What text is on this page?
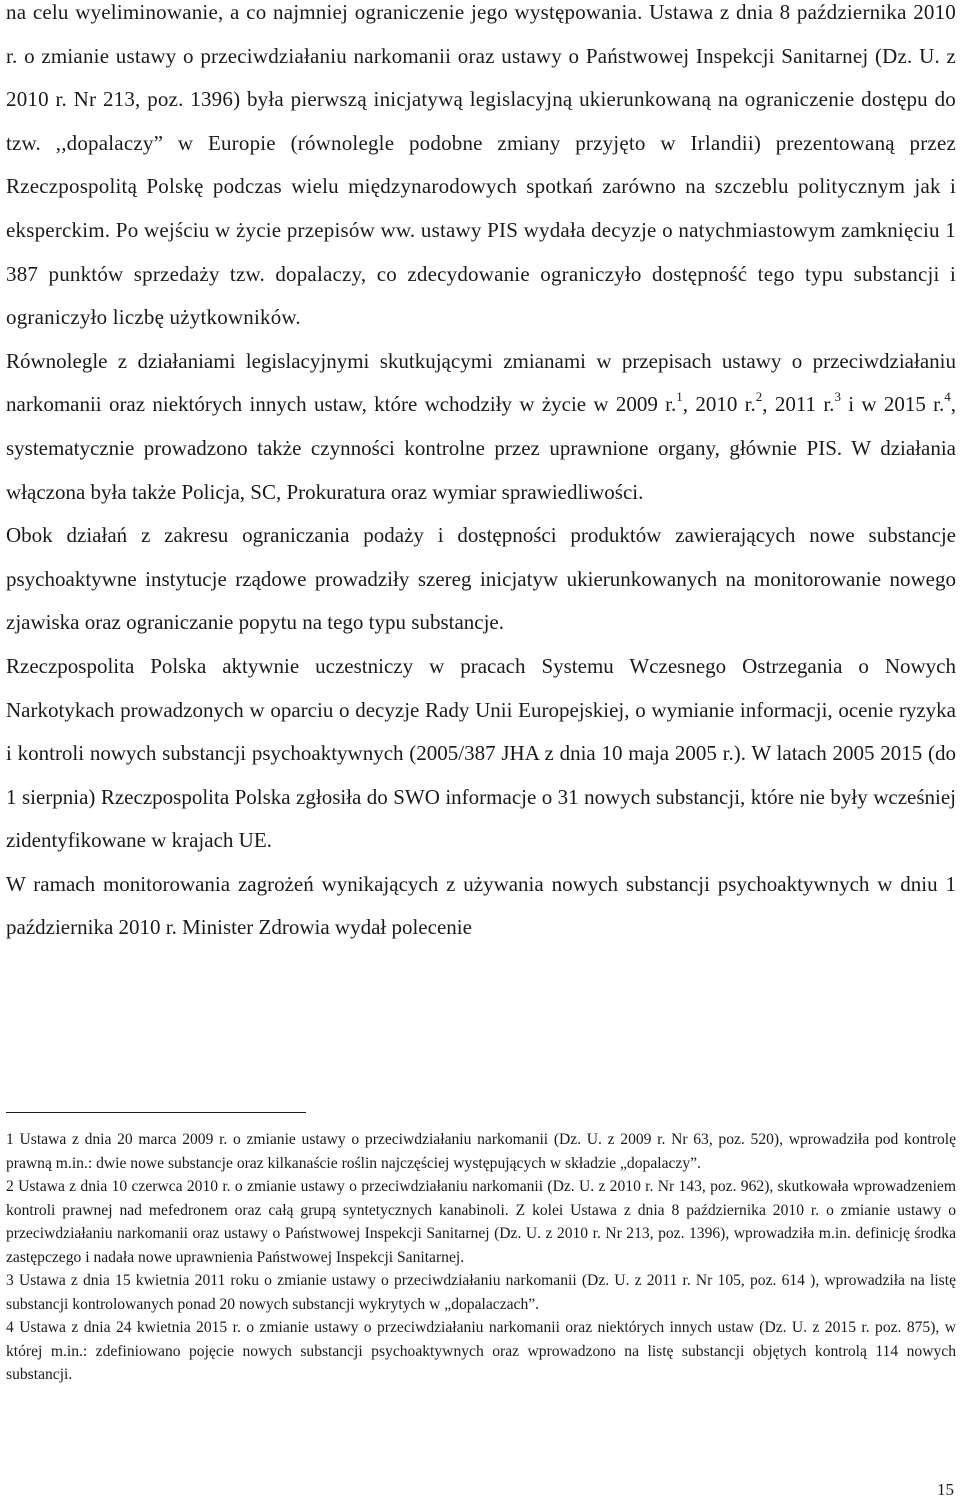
na celu wyeliminowanie, a co najmniej ograniczenie jego występowania. Ustawa z dnia 8 października 2010 r. o zmianie ustawy o przeciwdziałaniu narkomanii oraz ustawy o Państwowej Inspekcji Sanitarnej (Dz. U. z 2010 r. Nr 213, poz. 1396) była pierwszą inicjatywą legislacyjną ukierunkowaną na ograniczenie dostępu do tzw. ,,dopalaczy” w Europie (równolegle podobne zmiany przyjęto w Irlandii) prezentowaną przez Rzeczpospolitą Polskę podczas wielu międzynarodowych spotkań zarówno na szczeblu politycznym jak i eksperckim. Po wejściu w życie przepisów ww. ustawy PIS wydała decyzje o natychmiastowym zamknięciu 1 387 punktów sprzedaży tzw. dopalaczy, co zdecydowanie ograniczyło dostępność tego typu substancji i ograniczyło liczbę użytkowników.

Równolegle z działaniami legislacyjnymi skutkującymi zmianami w przepisach ustawy o przeciwdziałaniu narkomanii oraz niektórych innych ustaw, które wchodziły w życie w 2009 r.$^1$, 2010 r.$^2$, 2011 r.$^3$ i w 2015 r.$^4$, systematycznie prowadzono także czynności kontrolne przez uprawnione organy, głównie PIS. W działania włączona była także Policja, SC, Prokuratura oraz wymiar sprawiedliwości.

Obok działań z zakresu ograniczania podaży i dostępności produktów zawierających nowe substancje psychoaktywne instytucje rządowe prowadziły szereg inicjatyw ukierunkowanych na monitorowanie nowego zjawiska oraz ograniczanie popytu na tego typu substancje.

Rzeczpospolita Polska aktywnie uczestniczy w pracach Systemu Wczesnego Ostrzegania o Nowych Narkotykach prowadzonych w oparciu o decyzje Rady Unii Europejskiej, o wymianie informacji, ocenie ryzyka i kontroli nowych substancji psychoaktywnych (2005/387 JHA z dnia 10 maja 2005 r.). W latach 2005 2015 (do 1 sierpnia) Rzeczpospolita Polska zgłosiła do SWO informacje o 31 nowych substancji, które nie były wcześniej zidentyfikowane w krajach UE.

W ramach monitorowania zagrożeń wynikających z używania nowych substancji psychoaktywnych w dniu 1 października 2010 r. Minister Zdrowia wydał polecenie

1 Ustawa z dnia 20 marca 2009 r. o zmianie ustawy o przeciwdziałaniu narkomanii (Dz. U. z 2009 r. Nr 63, poz. 520), wprowadziła pod kontrolę prawną m.in.: dwie nowe substancje oraz kilkanaście roślin najczęściej występujących w składzie „dopalaczy”.

2 Ustawa z dnia 10 czerwca 2010 r. o zmianie ustawy o przeciwdziałaniu narkomanii (Dz. U. z 2010 r. Nr 143, poz. 962), skutkowała wprowadzeniem kontroli prawnej nad mefedronem oraz całą grupą syntetycznych kanabinoli. Z kolei Ustawa z dnia 8 października 2010 r. o zmianie ustawy o przeciwdziałaniu narkomanii oraz ustawy o Państwowej Inspekcji Sanitarnej (Dz. U. z 2010 r. Nr 213, poz. 1396), wprowadziła m.in. definicję środka zastępczego i nadała nowe uprawnienia Państwowej Inspekcji Sanitarnej.

3 Ustawa z dnia 15 kwietnia 2011 roku o zmianie ustawy o przeciwdziałaniu narkomanii (Dz. U. z 2011 r. Nr 105, poz. 614 ), wprowadziła na listę substancji kontrolowanych ponad 20 nowych substancji wykrytych w „dopalaczach”.

4 Ustawa z dnia 24 kwietnia 2015 r. o zmianie ustawy o przeciwdziałaniu narkomanii oraz niektórych innych ustaw (Dz. U. z 2015 r. poz. 875), w której m.in.: zdefiniowano pojęcie nowych substancji psychoaktywnych oraz wprowadzono na listę substancji objętych kontrolą 114 nowych substancji.

15
